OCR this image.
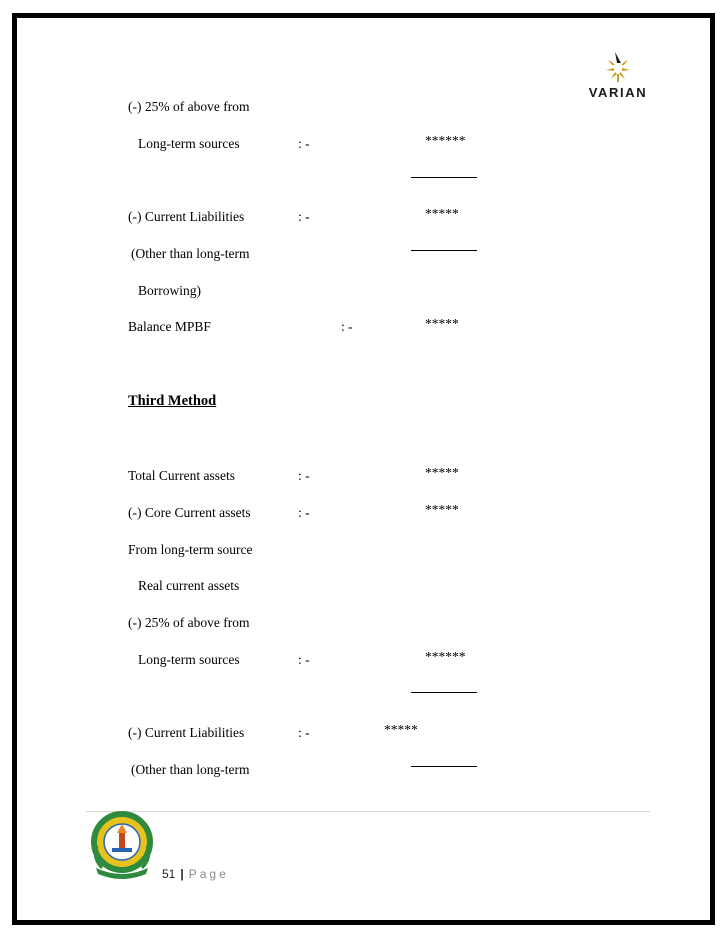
VARIAN
(-) 25% of above from
Long-term sources	: -	******
(-) Current Liabilities	: -	*****
(Other than long-term
Borrowing)
Balance MPBF	: -	*****
Third Method
Total Current assets	: -	*****
(-) Core Current assets	: -	*****
From long-term source
Real current assets
(-) 25% of above from
Long-term sources	: -	******
(-) Current Liabilities	: -	*****
(Other than long-term
51 | Page
